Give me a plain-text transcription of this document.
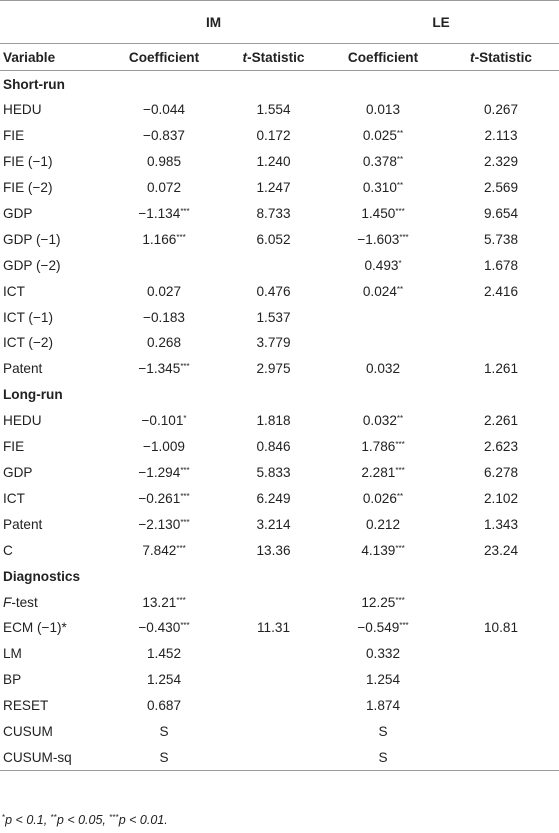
	IM		LE	
Variable	Coefficient	t-Statistic	Coefficient	t-Statistic
Short-run				
HEDU	−0.044	1.554	0.013	0.267
FIE	−0.837	0.172	0.025**	2.113
FIE (−1)	0.985	1.240	0.378**	2.329
FIE (−2)	0.072	1.247	0.310**	2.569
GDP	−1.134***	8.733	1.450***	9.654
GDP (−1)	1.166***	6.052	−1.603***	5.738
GDP (−2)			0.493*	1.678
ICT	0.027	0.476	0.024**	2.416
ICT (−1)	−0.183	1.537		
ICT (−2)	0.268	3.779		
Patent	−1.345***	2.975	0.032	1.261
Long-run				
HEDU	−0.101*	1.818	0.032**	2.261
FIE	−1.009	0.846	1.786***	2.623
GDP	−1.294***	5.833	2.281***	6.278
ICT	−0.261***	6.249	0.026**	2.102
Patent	−2.130***	3.214	0.212	1.343
C	7.842***	13.36	4.139***	23.24
Diagnostics				
F-test	13.21***		12.25***	
ECM (−1)*	−0.430***	11.31	−0.549***	10.81
LM	1.452		0.332	
BP	1.254		1.254	
RESET	0.687		1.874	
CUSUM	S		S	
CUSUM-sq	S		S	
*p < 0.1, **p < 0.05, ***p < 0.01.
